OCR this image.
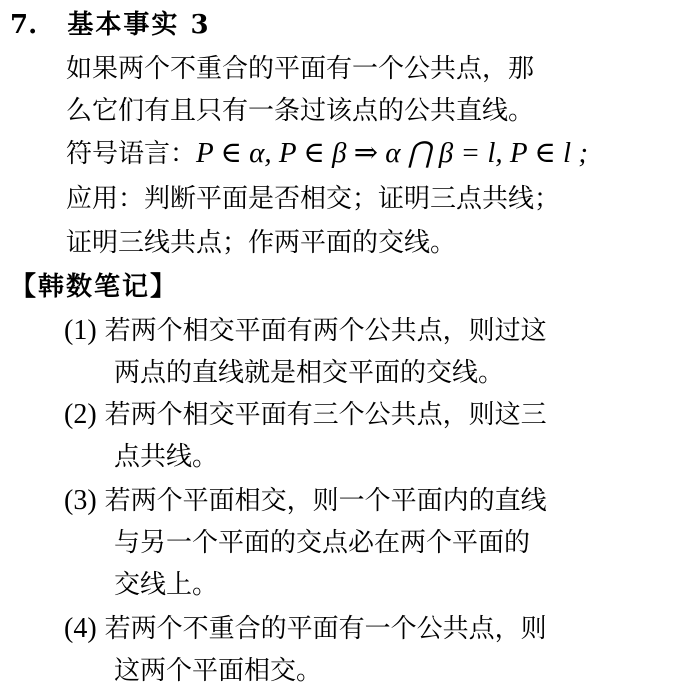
7. 基本事实 3
如果两个不重合的平面有一个公共点，那
么它们有且只有一条过该点的公共直线。
符号语言：P ∈ α, P ∈ β ⇒ α ⋂ β = l, P ∈ l ;
应用：判断平面是否相交；证明三点共线；
证明三线共点；作两平面的交线。
【韩数笔记】
(1) 若两个相交平面有两个公共点，则过这
两点的直线就是相交平面的交线。
(2) 若两个相交平面有三个公共点，则这三
点共线。
(3) 若两个平面相交，则一个平面内的直线
与另一个平面的交点必在两个平面的
交线上。
(4) 若两个不重合的平面有一个公共点，则
这两个平面相交。
